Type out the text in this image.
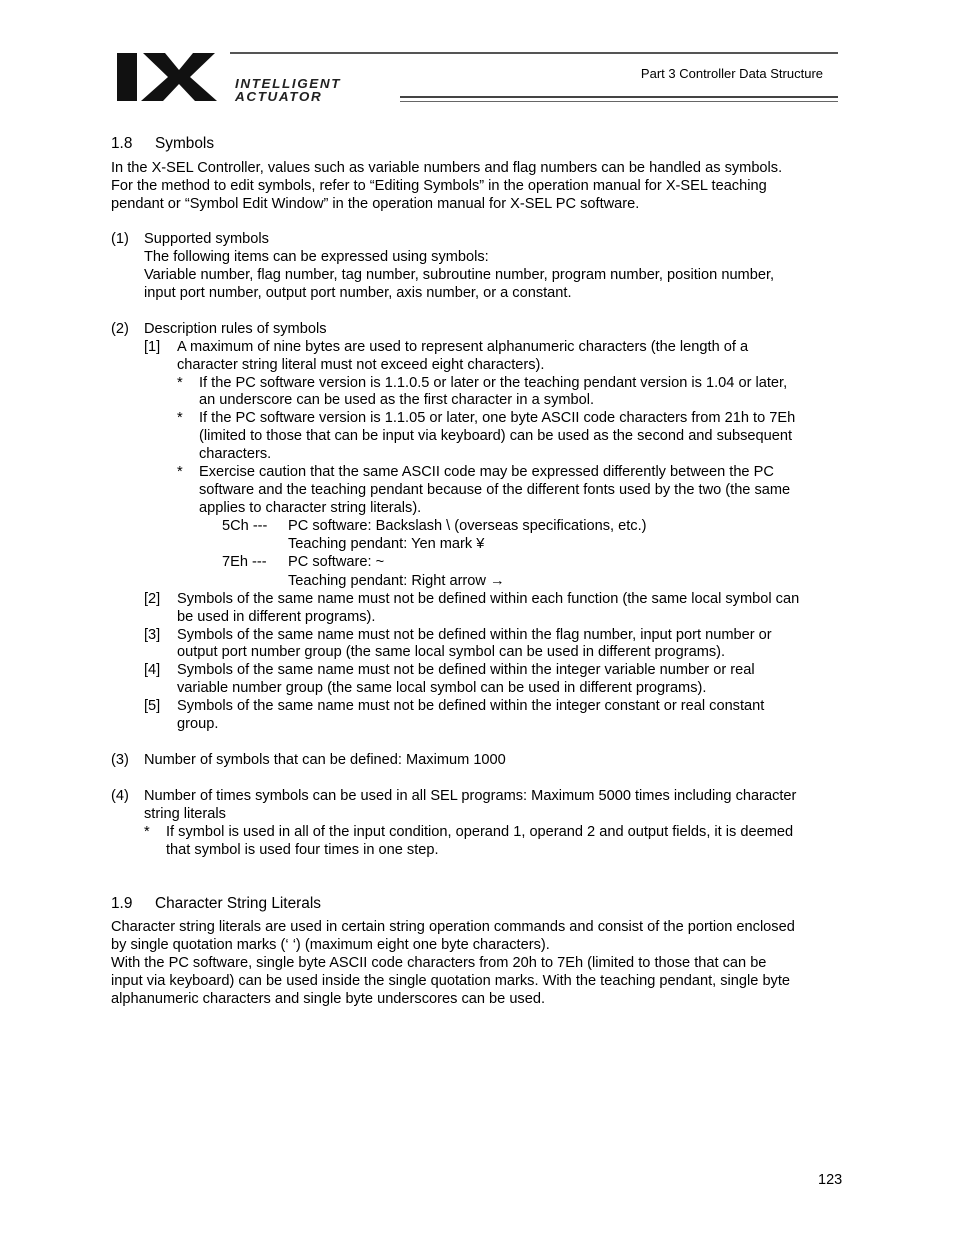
INTELLIGENT
ACTUATOR
Part 3 Controller Data Structure
1.8 Symbols
In the X-SEL Controller, values such as variable numbers and flag numbers can be handled as symbols.
For the method to edit symbols, refer to “Editing Symbols” in the operation manual for X-SEL teaching
pendant or “Symbol Edit Window” in the operation manual for X-SEL PC software.
(1) Supported symbols
The following items can be expressed using symbols:
Variable number, flag number, tag number, subroutine number, program number, position number,
input port number, output port number, axis number, or a constant.
(2) Description rules of symbols
[1] A maximum of nine bytes are used to represent alphanumeric characters (the length of a
character string literal must not exceed eight characters).
* If the PC software version is 1.1.0.5 or later or the teaching pendant version is 1.04 or later,
an underscore can be used as the first character in a symbol.
* If the PC software version is 1.1.05 or later, one byte ASCII code characters from 21h to 7Eh
(limited to those that can be input via keyboard) can be used as the second and subsequent
characters.
* Exercise caution that the same ASCII code may be expressed differently between the PC
software and the teaching pendant because of the different fonts used by the two (the same
applies to character string literals).
5Ch --- PC software: Backslash \ (overseas specifications, etc.)
Teaching pendant: Yen mark ¥
7Eh --- PC software: ~
Teaching pendant: Right arrow →
[2] Symbols of the same name must not be defined within each function (the same local symbol can
be used in different programs).
[3] Symbols of the same name must not be defined within the flag number, input port number or
output port number group (the same local symbol can be used in different programs).
[4] Symbols of the same name must not be defined within the integer variable number or real
variable number group (the same local symbol can be used in different programs).
[5] Symbols of the same name must not be defined within the integer constant or real constant
group.
(3) Number of symbols that can be defined: Maximum 1000
(4) Number of times symbols can be used in all SEL programs: Maximum 5000 times including character
string literals
* If symbol is used in all of the input condition, operand 1, operand 2 and output fields, it is deemed
that symbol is used four times in one step.
1.9 Character String Literals
Character string literals are used in certain string operation commands and consist of the portion enclosed
by single quotation marks (‘ ‘) (maximum eight one byte characters).
With the PC software, single byte ASCII code characters from 20h to 7Eh (limited to those that can be
input via keyboard) can be used inside the single quotation marks. With the teaching pendant, single byte
alphanumeric characters and single byte underscores can be used.
123
